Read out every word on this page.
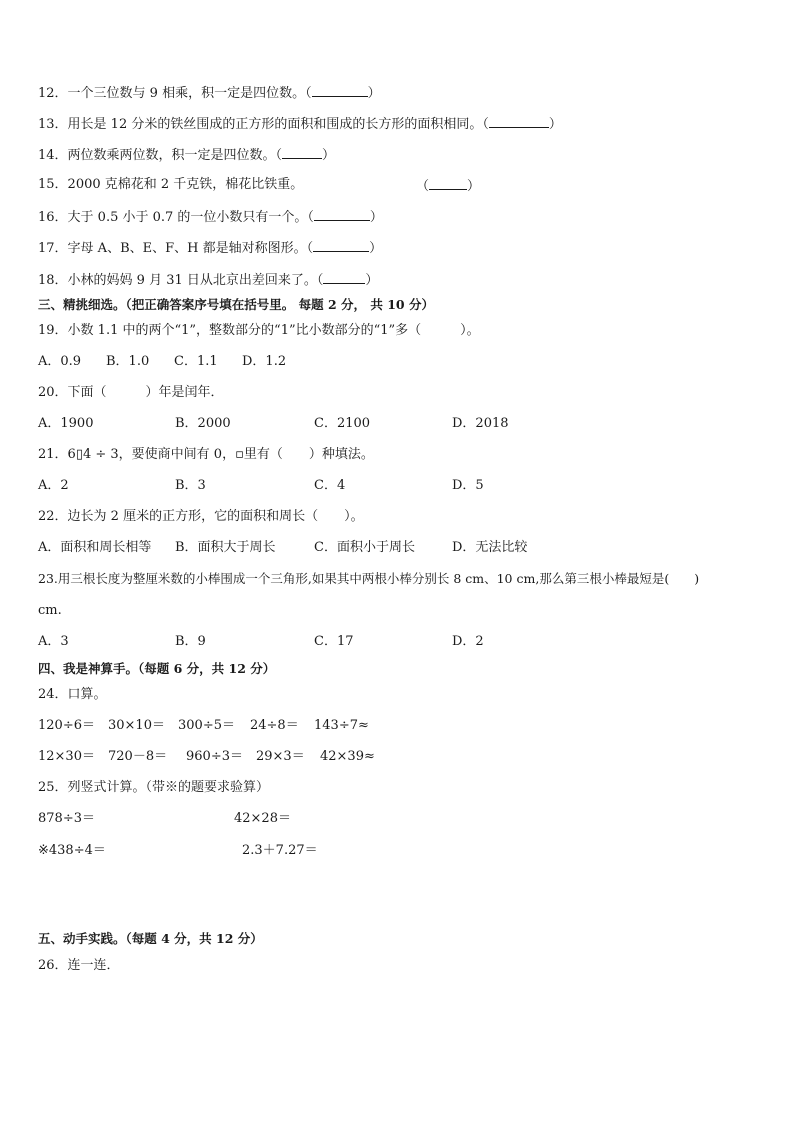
12．一个三位数与 9 相乘，积一定是四位数。（	）
13．用长是 12 分米的铁丝围成的正方形的面积和围成的长方形的面积相同。（	）
14．两位数乘两位数，积一定是四位数。（	）
15．2000 克棉花和 2 千克铁，棉花比铁重。	（	）
16．大于 0.5 小于 0.7 的一位小数只有一个。（	）
17．字母 A、B、E、F、H 都是轴对称图形。（	）
18．小林的妈妈 9 月 31 日从北京出差回来了。（	）
三、精挑细选。（把正确答案序号填在括号里。 每题 2 分， 共 10 分）
19．小数 1.1 中的两个“1”，整数部分的“1”比小数部分的“1”多（　　　）。
A．0.9 B．1.0 C．1.1 D．1.2
20．下面（　　　）年是闰年．
A．1900	B．2000	C．2100	D．2018
21．6▯4 ÷ 3，要使商中间有 0，▫里有（　　）种填法。
A．2	B．3	C．4	D．5
22．边长为 2 厘米的正方形，它的面积和周长（　　）。
A．面积和周长相等 B．面积大于周长	C．面积小于周长	D．无法比较
23.用三根长度为整厘米数的小棒围成一个三角形,如果其中两根小棒分别长 8 cm、10 cm,那么第三根小棒最短是(　　)
cm.
A．3	B．9	C．17	D．2
四、我是神算手。（每题 6 分，共 12 分）
24．口算。
120÷6＝ 30×10＝ 300÷5＝ 24÷8＝ 143÷7≈
12×30＝ 720－8＝ 960÷3＝ 29×3＝ 42×39≈
25．列竖式计算。（带※的题要求验算）
878÷3＝	42×28＝
※438÷4＝	2.3＋7.27＝
五、动手实践。（每题 4 分，共 12 分）
26．连一连．
